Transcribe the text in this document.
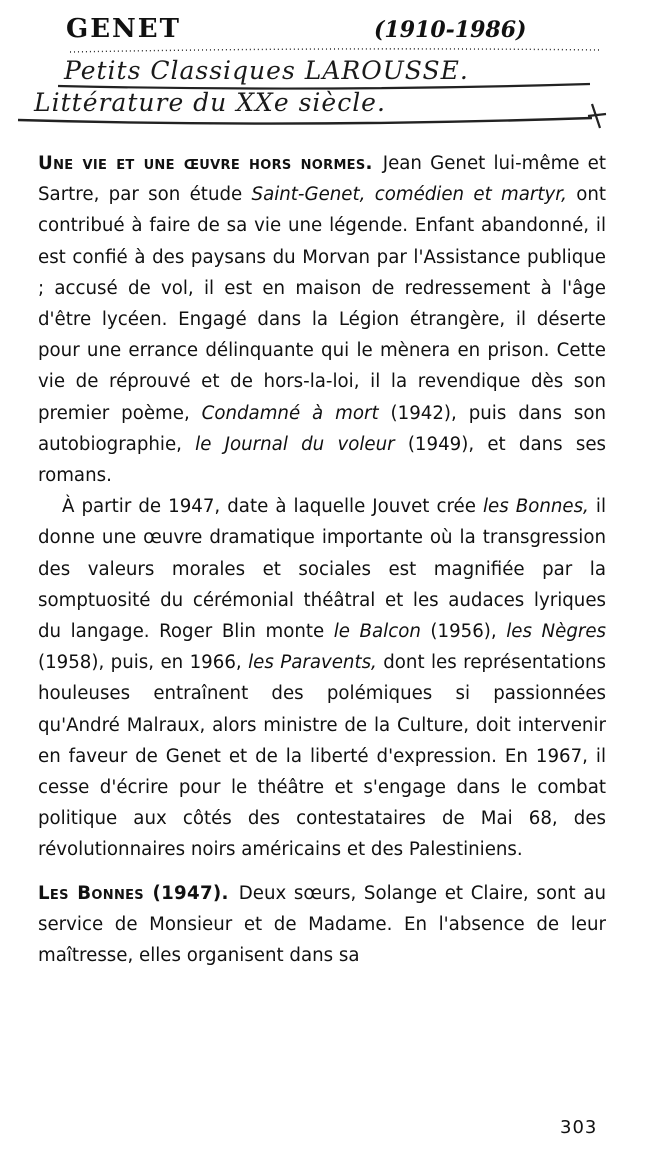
GENET	(1910-1986)
Petits Classiques LAROUSSE.
Littérature du XXe siècle.

Une vie et une œuvre hors normes. Jean Genet lui-même et Sartre, par son étude Saint-Genet, comédien et martyr, ont contribué à faire de sa vie une légende. Enfant abandonné, il est confié à des paysans du Morvan par l'Assistance publique ; accusé de vol, il est en maison de redressement à l'âge d'être lycéen. Engagé dans la Légion étrangère, il déserte pour une errance délinquante qui le mènera en prison. Cette vie de réprouvé et de hors-la-loi, il la revendique dès son premier poème, Condamné à mort (1942), puis dans son autobiographie, le Journal du voleur (1949), et dans ses romans.

À partir de 1947, date à laquelle Jouvet crée les Bonnes, il donne une œuvre dramatique importante où la transgression des valeurs morales et sociales est magnifiée par la somptuosité du cérémonial théâtral et les audaces lyriques du langage. Roger Blin monte le Balcon (1956), les Nègres (1958), puis, en 1966, les Paravents, dont les représentations houleuses entraînent des polémiques si passionnées qu'André Malraux, alors ministre de la Culture, doit intervenir en faveur de Genet et de la liberté d'expression. En 1967, il cesse d'écrire pour le théâtre et s'engage dans le combat politique aux côtés des contestataires de Mai 68, des révolutionnaires noirs américains et des Palestiniens.

Les Bonnes (1947). Deux sœurs, Solange et Claire, sont au service de Monsieur et de Madame. En l'absence de leur maîtresse, elles organisent dans sa

303
